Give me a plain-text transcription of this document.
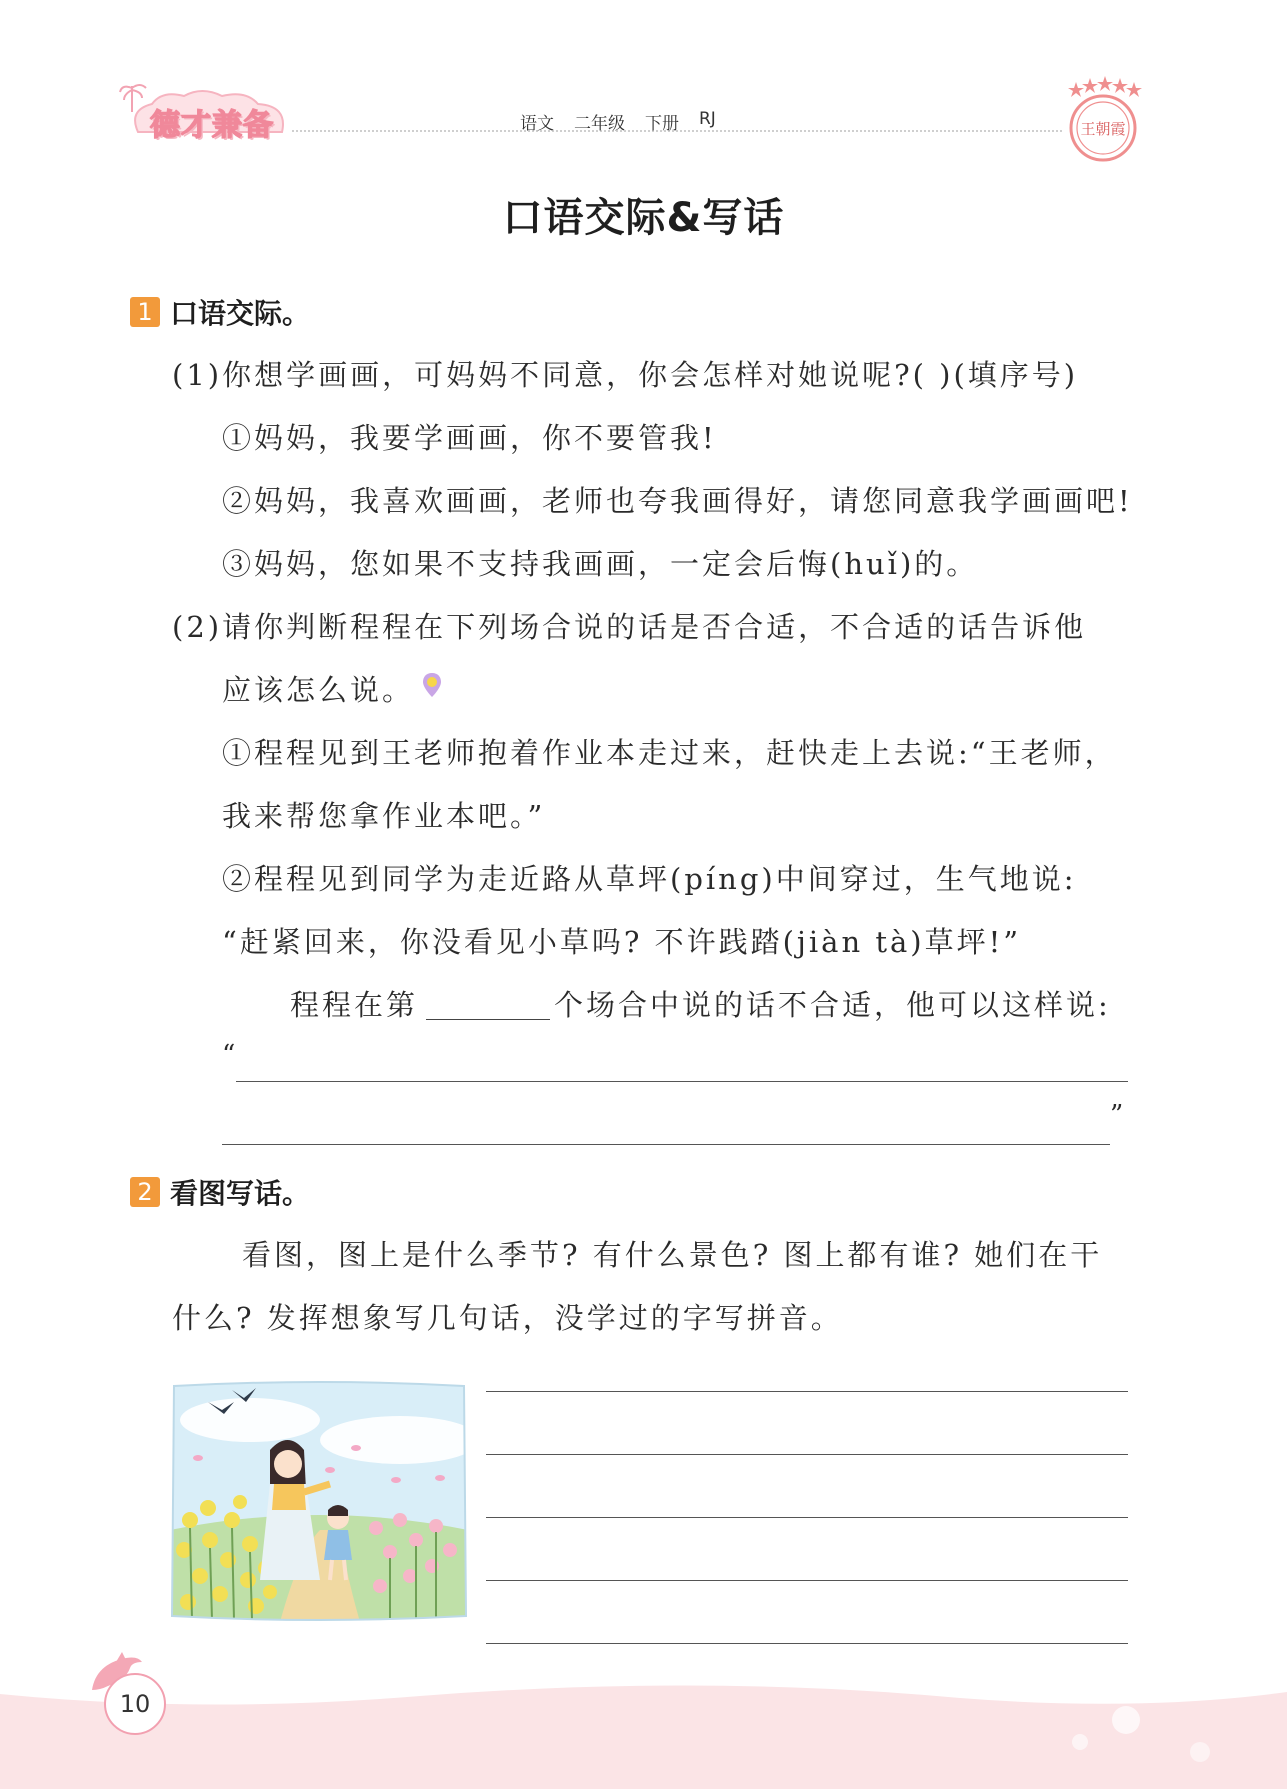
德才兼备	语文 二年级 下册 RJ	王朝霞
口语交际&写话
1 口语交际。
(1)你想学画画，可妈妈不同意，你会怎样对她说呢?( )(填序号)
①妈妈，我要学画画，你不要管我!
②妈妈，我喜欢画画，老师也夸我画得好，请您同意我学画画吧!
③妈妈，您如果不支持我画画，一定会后悔(huǐ)的。
(2)请你判断程程在下列场合说的话是否合适，不合适的话告诉他
应该怎么说。
①程程见到王老师抱着作业本走过来，赶快走上去说:“王老师，
我来帮您拿作业本吧。”
②程程见到同学为走近路从草坪(píng)中间穿过，生气地说:
“赶紧回来，你没看见小草吗? 不许践踏(jiàn tà)草坪!”
程程在第	个场合中说的话不合适，他可以这样说:
“
”
2 看图写话。
看图，图上是什么季节? 有什么景色? 图上都有谁? 她们在干
什么? 发挥想象写几句话，没学过的字写拼音。
10
